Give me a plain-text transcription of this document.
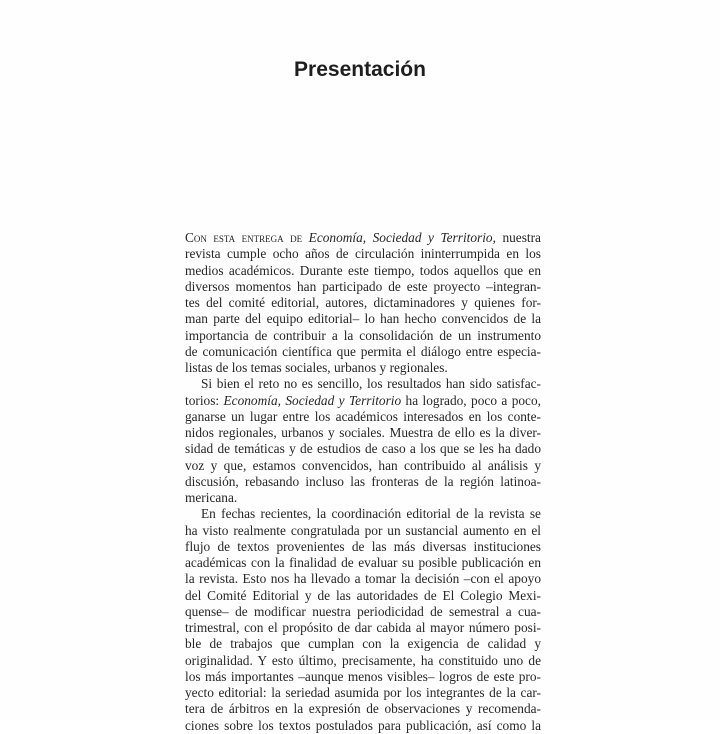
Presentación
Con esta entrega de Economía, Sociedad y Territorio, nuestra
revista cumple ocho años de circulación ininterrumpida en los
medios académicos. Durante este tiempo, todos aquellos que en
diversos momentos han participado de este proyecto –integran-
tes del comité editorial, autores, dictaminadores y quienes for-
man parte del equipo editorial– lo han hecho convencidos de la
importancia de contribuir a la consolidación de un instrumento
de comunicación científica que permita el diálogo entre especia-
listas de los temas sociales, urbanos y regionales.
Si bien el reto no es sencillo, los resultados han sido satisfac-
torios: Economía, Sociedad y Territorio ha logrado, poco a poco,
ganarse un lugar entre los académicos interesados en los conte-
nidos regionales, urbanos y sociales. Muestra de ello es la diver-
sidad de temáticas y de estudios de caso a los que se les ha dado
voz y que, estamos convencidos, han contribuido al análisis y
discusión, rebasando incluso las fronteras de la región latinoa-
mericana.
En fechas recientes, la coordinación editorial de la revista se
ha visto realmente congratulada por un sustancial aumento en el
flujo de textos provenientes de las más diversas instituciones
académicas con la finalidad de evaluar su posible publicación en
la revista. Esto nos ha llevado a tomar la decisión –con el apoyo
del Comité Editorial y de las autoridades de El Colegio Mexi-
quense– de modificar nuestra periodicidad de semestral a cua-
trimestral, con el propósito de dar cabida al mayor número posi-
ble de trabajos que cumplan con la exigencia de calidad y
originalidad. Y esto último, precisamente, ha constituido uno de
los más importantes –aunque menos visibles– logros de este pro-
yecto editorial: la seriedad asumida por los integrantes de la car-
tera de árbitros en la expresión de observaciones y recomenda-
ciones sobre los textos postulados para publicación, así como la
